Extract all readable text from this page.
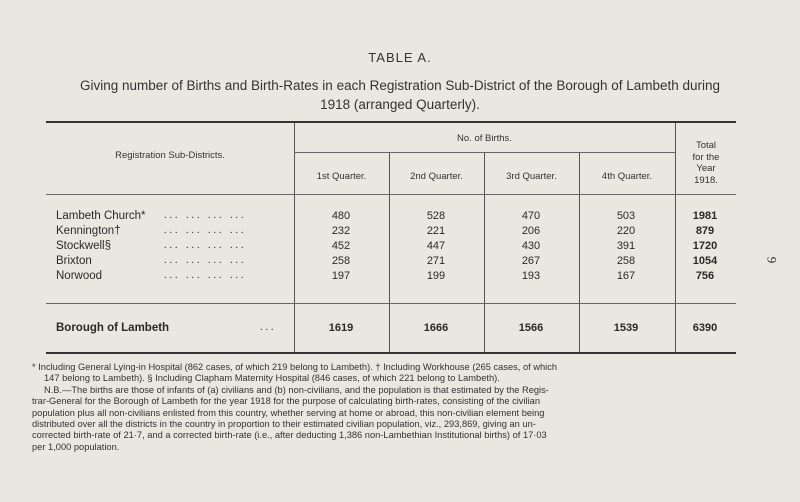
TABLE A.
Giving number of Births and Birth-Rates in each Registration Sub-District of the Borough of Lambeth during
1918 (arranged Quarterly).
9
Registration Sub-Districts.
No. of Births.
Total
for the
Year
1918.
1st Quarter.	2nd Quarter.	3rd Quarter.	4th Quarter.
Lambeth Church* ... ... ... ...	480	528	470	503	1981
Kennington†	... ... ... ...	232	221	206	220	879
Stockwell§	... ... ... ...	452	447	430	391	1720
Brixton	... ... ... ...	258	271	267	258	1054
Norwood	... ... ... ...	197	199	193	167	756
Borough of Lambeth	...	1619	1666	1566	1539	6390

* Including General Lying-in Hospital (862 cases, of which 219 belong to Lambeth). † Including Workhouse (265 cases, of which

147 belong to Lambeth). § Including Clapham Maternity Hospital (846 cases, of which 221 belong to Lambeth).

N.B.—The births are those of infants of (a) civilians and (b) non-civilians, and the population is that estimated by the Regis-

trar-General for the Borough of Lambeth for the year 1918 for the purpose of calculating birth-rates, consisting of the civilian

population plus all non-civilians enlisted from this country, whether serving at home or abroad, this non-civilian element being

distributed over all the districts in the country in proportion to their estimated civilian population, viz., 293,869, giving an un-

corrected birth-rate of 21·7, and a corrected birth-rate (i.e., after deducting 1,386 non-Lambethian Institutional births) of 17·03

per 1,000 population.
